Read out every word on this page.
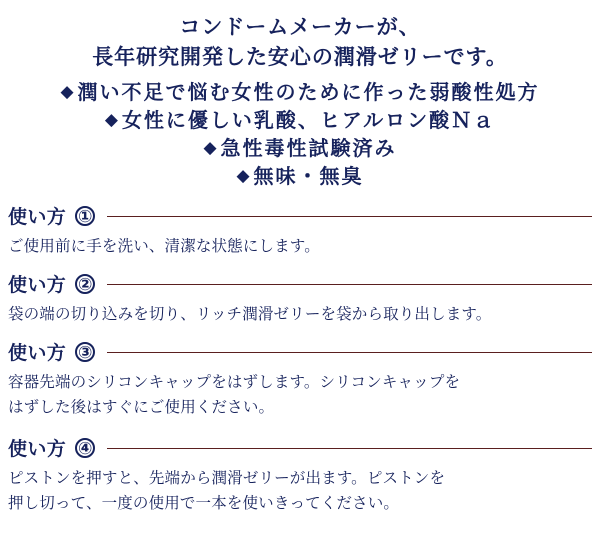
コンドームメーカーが、
長年研究開発した安心の潤滑ゼリーです。
◆ 潤い不足で悩む女性のために作った弱酸性処方
◆ 女性に優しい乳酸、ヒアルロン酸Ｎａ
◆ 急性毒性試験済み
◆ 無味・無臭
使い方 ①
ご使用前に手を洗い、清潔な状態にします。
使い方 ②
袋の端の切り込みを切り、リッチ潤滑ゼリーを袋から取り出します。
使い方 ③
容器先端のシリコンキャップをはずします。シリコンキャップを
はずした後はすぐにご使用ください。
使い方 ④
ピストンを押すと、先端から潤滑ゼリーが出ます。ピストンを
押し切って、一度の使用で一本を使いきってください。
